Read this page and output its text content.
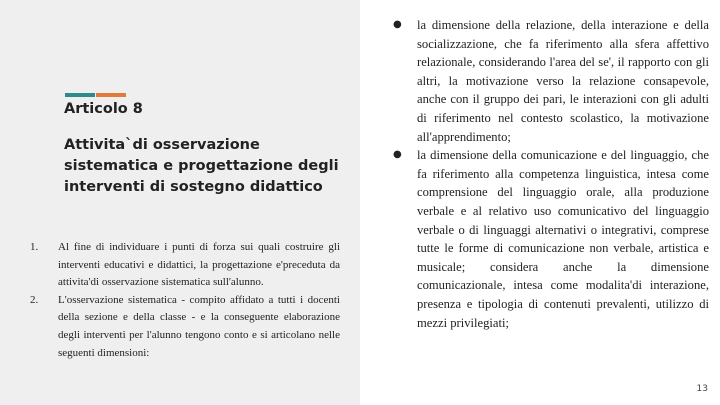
Articolo 8
Attivita`di osservazione sistematica e progettazione degli interventi di sostegno didattico
1. Al fine di individuare i punti di forza sui quali costruire gli interventi educativi e didattici, la progettazione e'preceduta da attivita'di osservazione sistematica sull'alunno.
2. L'osservazione sistematica - compito affidato a tutti i docenti della sezione e della classe - e la conseguente elaborazione degli interventi per l'alunno tengono conto e si articolano nelle seguenti dimensioni:
● la dimensione della relazione, della interazione e della socializzazione, che fa riferimento alla sfera affettivo relazionale, considerando l'area del se', il rapporto con gli altri, la motivazione verso la relazione consapevole, anche con il gruppo dei pari, le interazioni con gli adulti di riferimento nel contesto scolastico, la motivazione all'apprendimento;
● la dimensione della comunicazione e del linguaggio, che fa riferimento alla competenza linguistica, intesa come comprensione del linguaggio orale, alla produzione verbale e al relativo uso comunicativo del linguaggio verbale o di linguaggi alternativi o integrativi, comprese tutte le forme di comunicazione non verbale, artistica e musicale; considera anche la dimensione comunicazionale, intesa come modalita'di interazione, presenza e tipologia di contenuti prevalenti, utilizzo di mezzi privilegiati;
13
